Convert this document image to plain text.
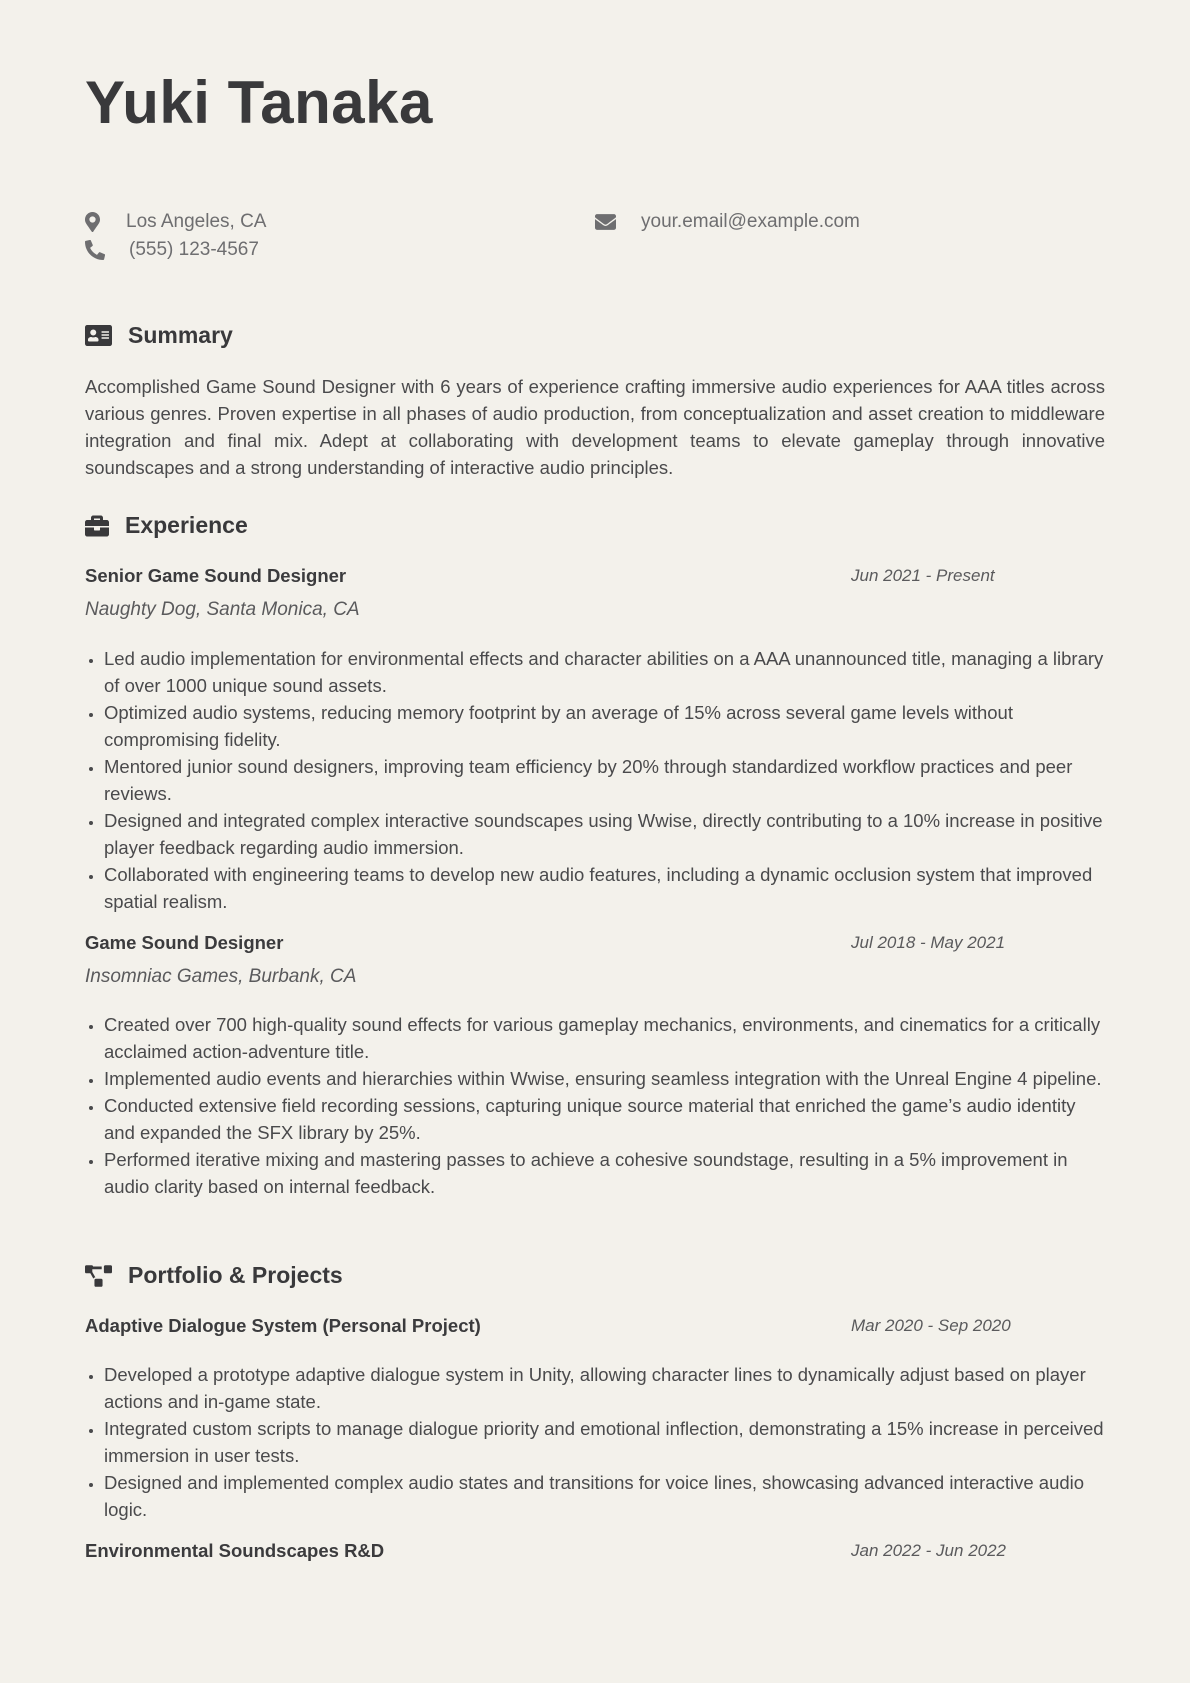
Yuki Tanaka
Los Angeles, CA
(555) 123-4567
your.email@example.com
Summary

Accomplished Game Sound Designer with 6 years of experience crafting immersive audio experiences for AAA titles across various genres. Proven expertise in all phases of audio production, from conceptualization and asset creation to middleware integration and final mix. Adept at collaborating with development teams to elevate gameplay through innovative soundscapes and a strong understanding of interactive audio principles.

Experience
Senior Game Sound Designer	Jun 2021 - Present
Naughty Dog, Santa Monica, CA
• Led audio implementation for environmental effects and character abilities on a AAA unannounced title, managing a library of over 1000 unique sound assets.
• Optimized audio systems, reducing memory footprint by an average of 15% across several game levels without compromising fidelity.
• Mentored junior sound designers, improving team efficiency by 20% through standardized workflow practices and peer reviews.
• Designed and integrated complex interactive soundscapes using Wwise, directly contributing to a 10% increase in positive player feedback regarding audio immersion.
• Collaborated with engineering teams to develop new audio features, including a dynamic occlusion system that improved spatial realism.
Game Sound Designer	Jul 2018 - May 2021
Insomniac Games, Burbank, CA
• Created over 700 high-quality sound effects for various gameplay mechanics, environments, and cinematics for a critically acclaimed action-adventure title.
• Implemented audio events and hierarchies within Wwise, ensuring seamless integration with the Unreal Engine 4 pipeline.
• Conducted extensive field recording sessions, capturing unique source material that enriched the game’s audio identity and expanded the SFX library by 25%.
• Performed iterative mixing and mastering passes to achieve a cohesive soundstage, resulting in a 5% improvement in audio clarity based on internal feedback.
Portfolio & Projects
Adaptive Dialogue System (Personal Project)	Mar 2020 - Sep 2020
• Developed a prototype adaptive dialogue system in Unity, allowing character lines to dynamically adjust based on player actions and in-game state.
• Integrated custom scripts to manage dialogue priority and emotional inflection, demonstrating a 15% increase in perceived immersion in user tests.
• Designed and implemented complex audio states and transitions for voice lines, showcasing advanced interactive audio logic.
Environmental Soundscapes R&D	Jan 2022 - Jun 2022
